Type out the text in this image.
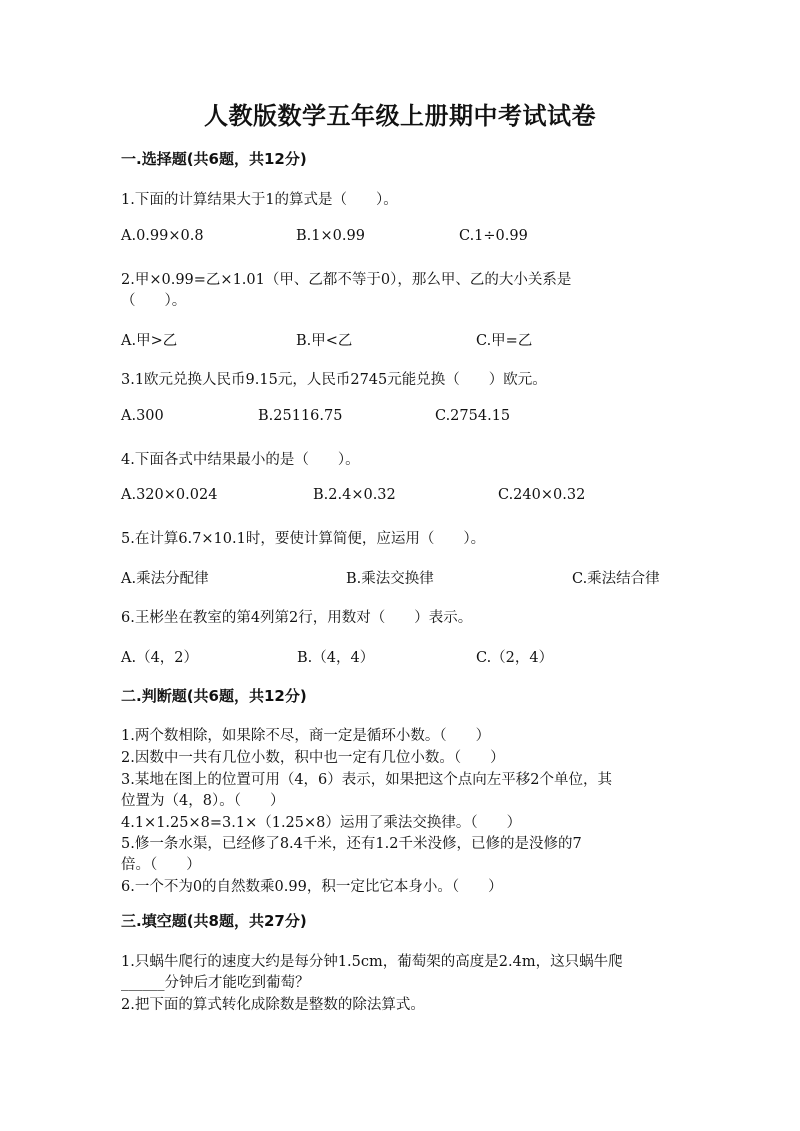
人教版数学五年级上册期中考试试卷
一.选择题(共6题，共12分)
1.下面的计算结果大于1的算式是（　　）。
A.0.99×0.8	B.1×0.99	C.1÷0.99
2.甲×0.99=乙×1.01（甲、乙都不等于0），那么甲、乙的大小关系是
（　　）。
A.甲>乙	B.甲<乙	C.甲=乙
3.1欧元兑换人民币9.15元，人民币2745元能兑换（　　）欧元。
A.300	B.25116.75	C.2754.15
4.下面各式中结果最小的是（　　）。
A.320×0.024	B.2.4×0.32	C.240×0.32
5.在计算6.7×10.1时，要使计算简便，应运用（　　）。
A.乘法分配律	B.乘法交换律	C.乘法结合律
6.王彬坐在教室的第4列第2行，用数对（　　）表示。
A.（4，2）	B.（4，4）	C.（2，4）
二.判断题(共6题，共12分)
1.两个数相除，如果除不尽，商一定是循环小数。（　　）
2.因数中一共有几位小数，积中也一定有几位小数。（　　）
3.某地在图上的位置可用（4，6）表示，如果把这个点向左平移2个单位，其
位置为（4，8）。（　　）
4.1×1.25×8=3.1×（1.25×8）运用了乘法交换律。（　　）
5.修一条水渠，已经修了8.4千米，还有1.2千米没修，已修的是没修的7
倍。（　　）
6.一个不为0的自然数乘0.99，积一定比它本身小。（　　）
三.填空题(共8题，共27分)
1.只蜗牛爬行的速度大约是每分钟1.5cm，葡萄架的高度是2.4m，这只蜗牛爬
______分钟后才能吃到葡萄？
2.把下面的算式转化成除数是整数的除法算式。
